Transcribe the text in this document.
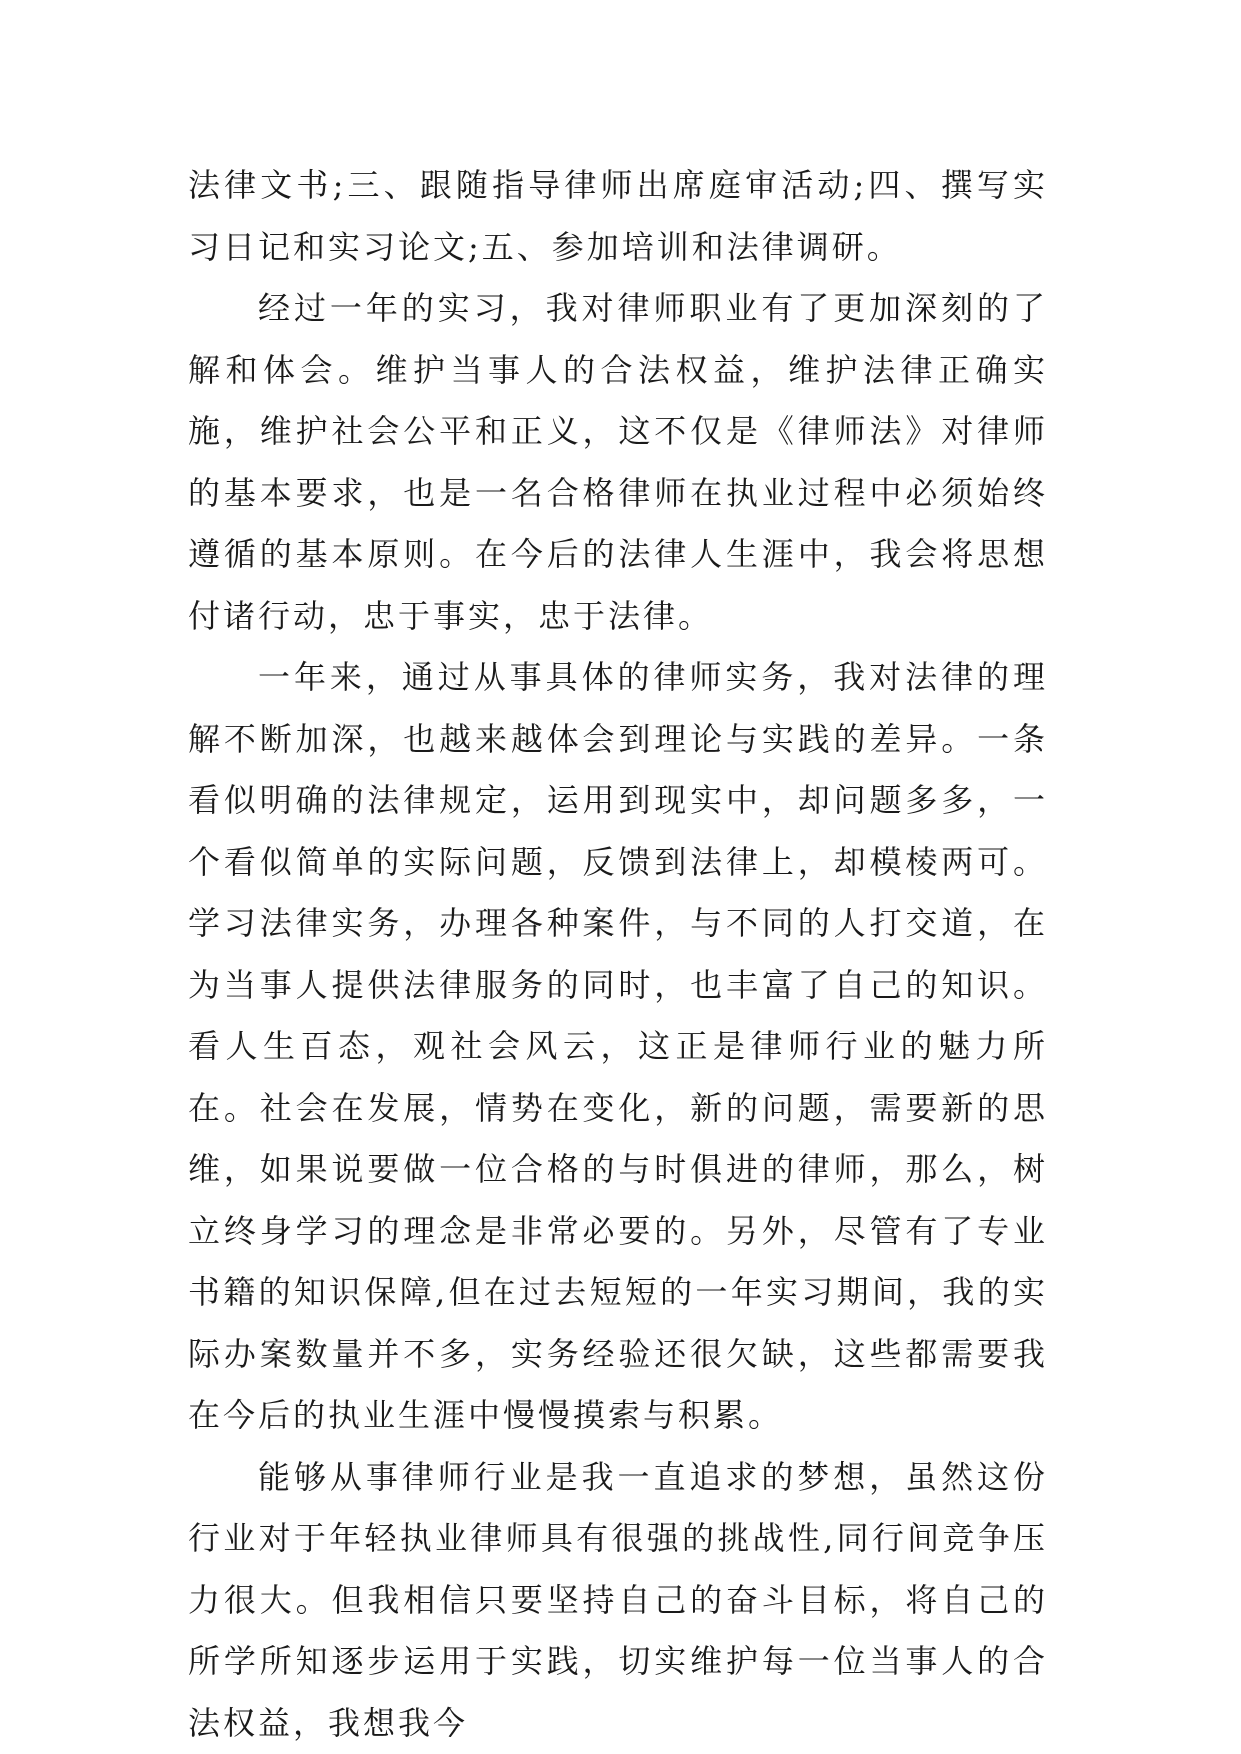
法律文书;三、跟随指导律师出席庭审活动;四、撰写实习日记和实习论文;五、参加培训和法律调研。

经过一年的实习，我对律师职业有了更加深刻的了解和体会。维护当事人的合法权益，维护法律正确实施，维护社会公平和正义，这不仅是《律师法》对律师的基本要求，也是一名合格律师在执业过程中必须始终遵循的基本原则。在今后的法律人生涯中，我会将思想付诸行动，忠于事实，忠于法律。

一年来，通过从事具体的律师实务，我对法律的理解不断加深，也越来越体会到理论与实践的差异。一条看似明确的法律规定，运用到现实中，却问题多多，一个看似简单的实际问题，反馈到法律上，却模棱两可。学习法律实务，办理各种案件，与不同的人打交道，在为当事人提供法律服务的同时，也丰富了自己的知识。看人生百态，观社会风云，这正是律师行业的魅力所在。社会在发展，情势在变化，新的问题，需要新的思维，如果说要做一位合格的与时俱进的律师，那么，树立终身学习的理念是非常必要的。另外，尽管有了专业书籍的知识保障,但在过去短短的一年实习期间，我的实际办案数量并不多，实务经验还很欠缺，这些都需要我在今后的执业生涯中慢慢摸索与积累。

能够从事律师行业是我一直追求的梦想，虽然这份行业对于年轻执业律师具有很强的挑战性,同行间竞争压力很大。但我相信只要坚持自己的奋斗目标，将自己的所学所知逐步运用于实践，切实维护每一位当事人的合法权益，我想我今
